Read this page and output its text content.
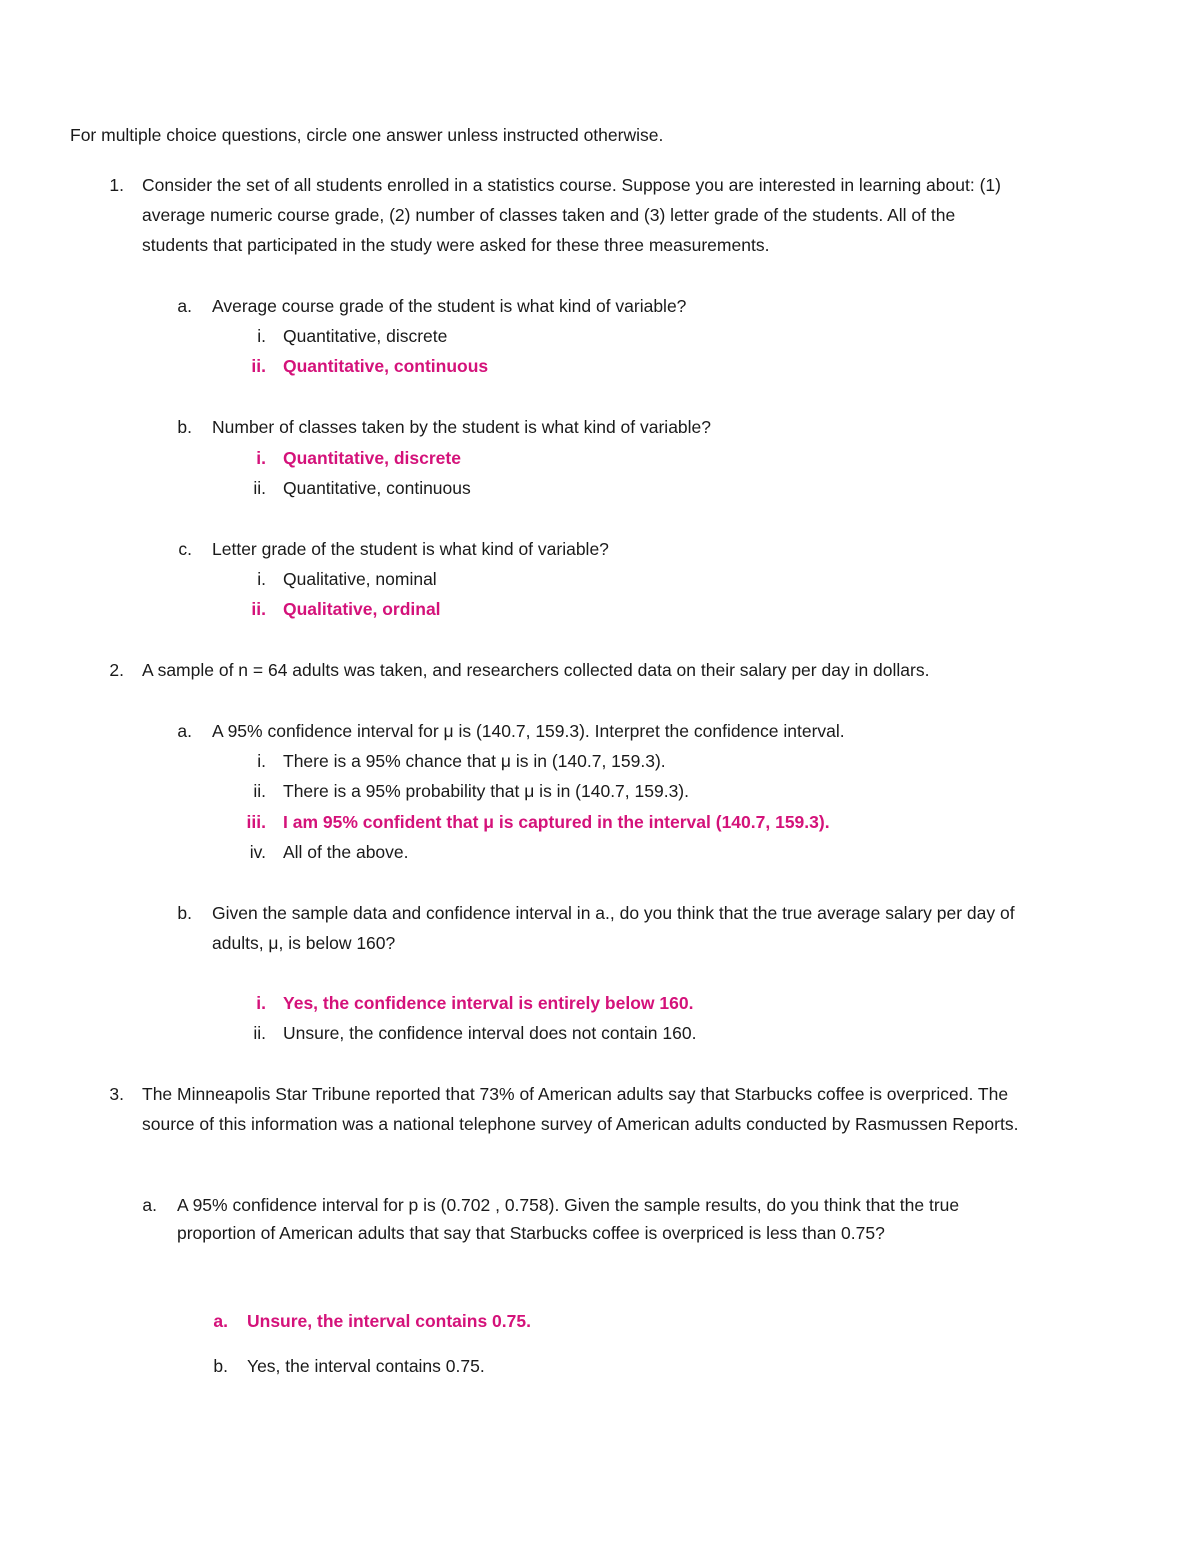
For multiple choice questions, circle one answer unless instructed otherwise.
1. Consider the set of all students enrolled in a statistics course. Suppose you are interested in learning about: (1)
average numeric course grade, (2) number of classes taken and (3) letter grade of the students. All of the
students that participated in the study were asked for these three measurements.
a. Average course grade of the student is what kind of variable?
i. Quantitative, discrete
ii. Quantitative, continuous
b. Number of classes taken by the student is what kind of variable?
i. Quantitative, discrete
ii. Quantitative, continuous
c. Letter grade of the student is what kind of variable?
i. Qualitative, nominal
ii. Qualitative, ordinal
2. A sample of n = 64 adults was taken, and researchers collected data on their salary per day in dollars.
a. A 95% confidence interval for μ is (140.7, 159.3). Interpret the confidence interval.
i. There is a 95% chance that μ is in (140.7, 159.3).
ii. There is a 95% probability that μ is in (140.7, 159.3).
iii. I am 95% confident that μ is captured in the interval (140.7, 159.3).
iv. All of the above.
b. Given the sample data and confidence interval in a., do you think that the true average salary per day of
adults, μ, is below 160?
i. Yes, the confidence interval is entirely below 160.
ii. Unsure, the confidence interval does not contain 160.
3. The Minneapolis Star Tribune reported that 73% of American adults say that Starbucks coffee is overpriced. The
source of this information was a national telephone survey of American adults conducted by Rasmussen Reports.
a. A 95% confidence interval for p is (0.702 , 0.758). Given the sample results, do you think that the true
proportion of American adults that say that Starbucks coffee is overpriced is less than 0.75?
a. Unsure, the interval contains 0.75.
b. Yes, the interval contains 0.75.
